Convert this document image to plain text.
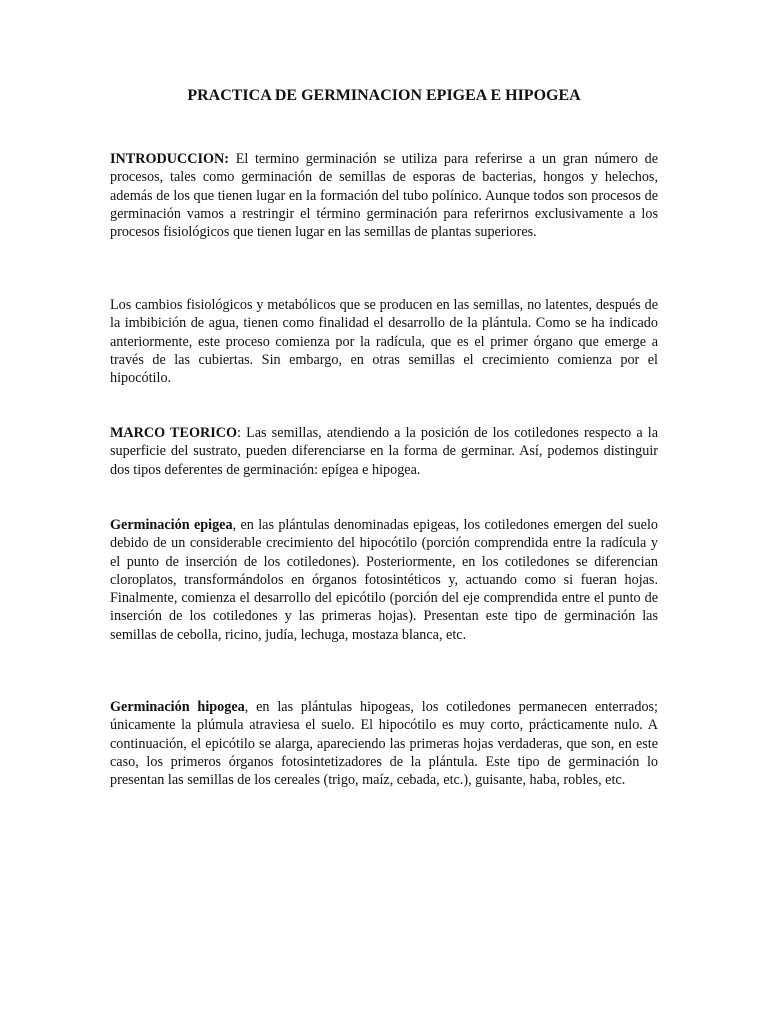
PRACTICA DE GERMINACION EPIGEA E HIPOGEA

INTRODUCCION: El termino germinación se utiliza para referirse a un gran número de procesos, tales como germinación de semillas de esporas de bacterias, hongos y helechos, además de los que tienen lugar en la formación del tubo polínico. Aunque todos son procesos de germinación vamos a restringir el término germinación para referirnos exclusivamente a los procesos fisiológicos que tienen lugar en las semillas de plantas superiores.

Los cambios fisiológicos y metabólicos que se producen en las semillas, no latentes, después de la imbibición de agua, tienen como finalidad el desarrollo de la plántula. Como se ha indicado anteriormente, este proceso comienza por la radícula, que es el primer órgano que emerge a través de las cubiertas. Sin embargo, en otras semillas el crecimiento comienza por el hipocótilo.

MARCO TEORICO: Las semillas, atendiendo a la posición de los cotiledones respecto a la superficie del sustrato, pueden diferenciarse en la forma de germinar. Así, podemos distinguir dos tipos deferentes de germinación: epígea e hipogea.

Germinación epigea, en las plántulas denominadas epigeas, los cotiledones emergen del suelo debido de un considerable crecimiento del hipocótilo (porción comprendida entre la radícula y el punto de inserción de los cotiledones). Posteriormente, en los cotiledones se diferencian cloroplatos, transformándolos en órganos fotosintéticos y, actuando como si fueran hojas. Finalmente, comienza el desarrollo del epicótilo (porción del eje comprendida entre el punto de inserción de los cotiledones y las primeras hojas). Presentan este tipo de germinación las semillas de cebolla, ricino, judía, lechuga, mostaza blanca, etc.

Germinación hipogea, en las plántulas hipogeas, los cotiledones permanecen enterrados; únicamente la plúmula atraviesa el suelo. El hipocótilo es muy corto, prácticamente nulo. A continuación, el epicótilo se alarga, apareciendo las primeras hojas verdaderas, que son, en este caso, los primeros órganos fotosintetizadores de la plántula. Este tipo de germinación lo presentan las semillas de los cereales (trigo, maíz, cebada, etc.), guisante, haba, robles, etc.
